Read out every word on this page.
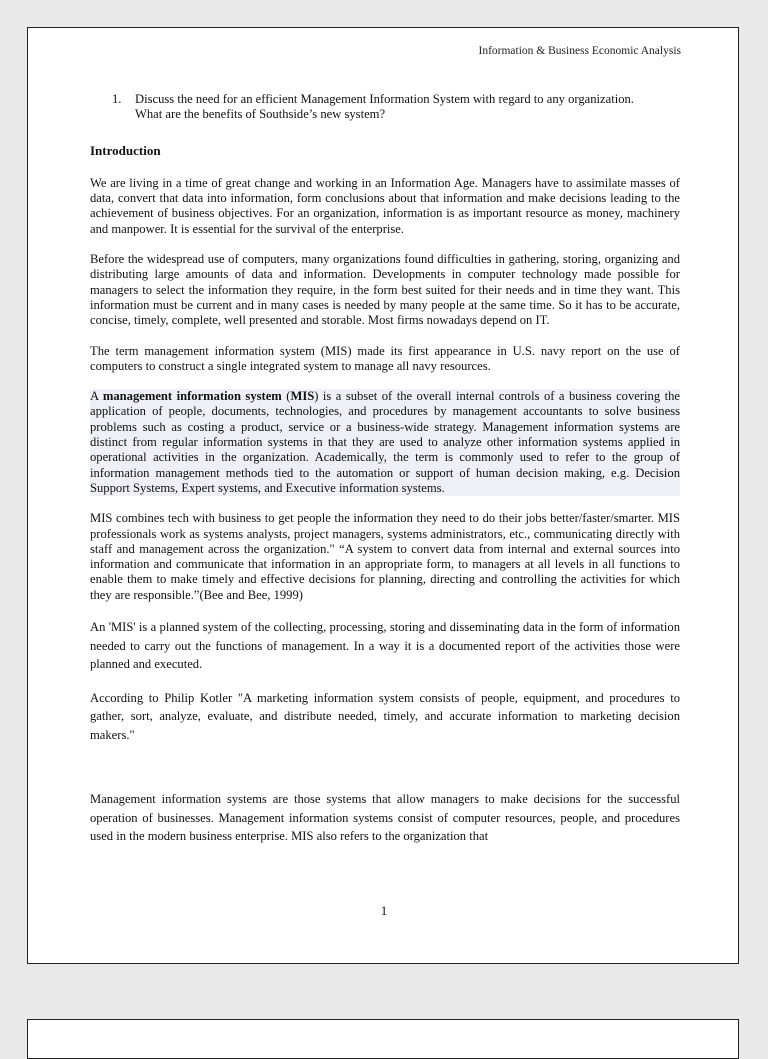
Information & Business Economic Analysis
1.	Discuss the need for an efficient Management Information System with regard to any organization. What are the benefits of Southside’s new system?
Introduction

We are living in a time of great change and working in an Information Age. Managers have to assimilate masses of data, convert that data into information, form conclusions about that information and make decisions leading to the achievement of business objectives. For an organization, information is as important resource as money, machinery and manpower. It is essential for the survival of the enterprise.

Before the widespread use of computers, many organizations found difficulties in gathering, storing, organizing and distributing large amounts of data and information. Developments in computer technology made possible for managers to select the information they require, in the form best suited for their needs and in time they want. This information must be current and in many cases is needed by many people at the same time. So it has to be accurate, concise, timely, complete, well presented and storable. Most firms nowadays depend on IT.

The term management information system (MIS) made its first appearance in U.S. navy report on the use of computers to construct a single integrated system to manage all navy resources.

A management information system (MIS) is a subset of the overall internal controls of a business covering the application of people, documents, technologies, and procedures by management accountants to solve business problems such as costing a product, service or a business-wide strategy. Management information systems are distinct from regular information systems in that they are used to analyze other information systems applied in operational activities in the organization. Academically, the term is commonly used to refer to the group of information management methods tied to the automation or support of human decision making, e.g. Decision Support Systems, Expert systems, and Executive information systems.

MIS combines tech with business to get people the information they need to do their jobs better/faster/smarter. MIS professionals work as systems analysts, project managers, systems administrators, etc., communicating directly with staff and management across the organization." “A system to convert data from internal and external sources into information and communicate that information in an appropriate form, to managers at all levels in all functions to enable them to make timely and effective decisions for planning, directing and controlling the activities for which they are responsible.”(Bee and Bee, 1999)

An 'MIS' is a planned system of the collecting, processing, storing and disseminating data in the form of information needed to carry out the functions of management. In a way it is a documented report of the activities those were planned and executed.

According to Philip Kotler "A marketing information system consists of people, equipment, and procedures to gather, sort, analyze, evaluate, and distribute needed, timely, and accurate information to marketing decision makers."

Management information systems are those systems that allow managers to make decisions for the successful operation of businesses. Management information systems consist of computer resources, people, and procedures used in the modern business enterprise. MIS also refers to the organization that

1
